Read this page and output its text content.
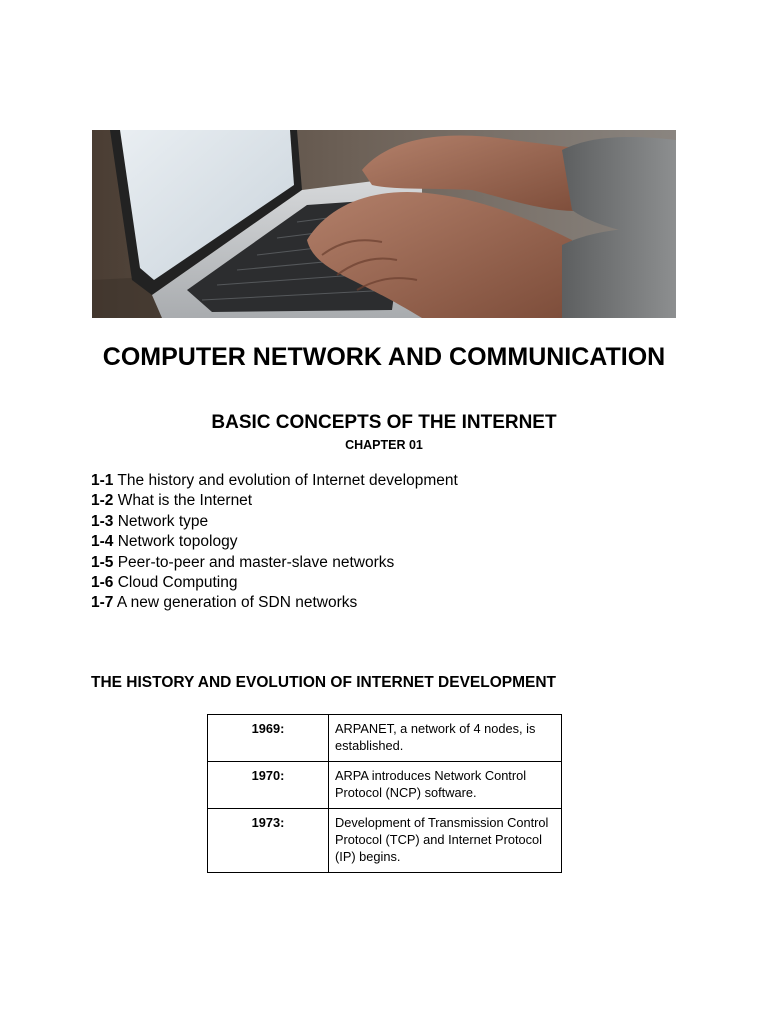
COMPUTER NETWORK AND COMMUNICATION
BASIC CONCEPTS OF THE INTERNET
CHAPTER 01
1-1 The history and evolution of Internet development
1-2 What is the Internet
1-3 Network type
1-4 Network topology
1-5 Peer-to-peer and master-slave networks
1-6 Cloud Computing
1-7 A new generation of SDN networks
THE HISTORY AND EVOLUTION OF INTERNET DEVELOPMENT
1969:	ARPANET, a network of 4 nodes, is established.
1970:	ARPA introduces Network Control Protocol (NCP) software.
1973:	Development of Transmission Control Protocol (TCP) and Internet Protocol (IP) begins.
